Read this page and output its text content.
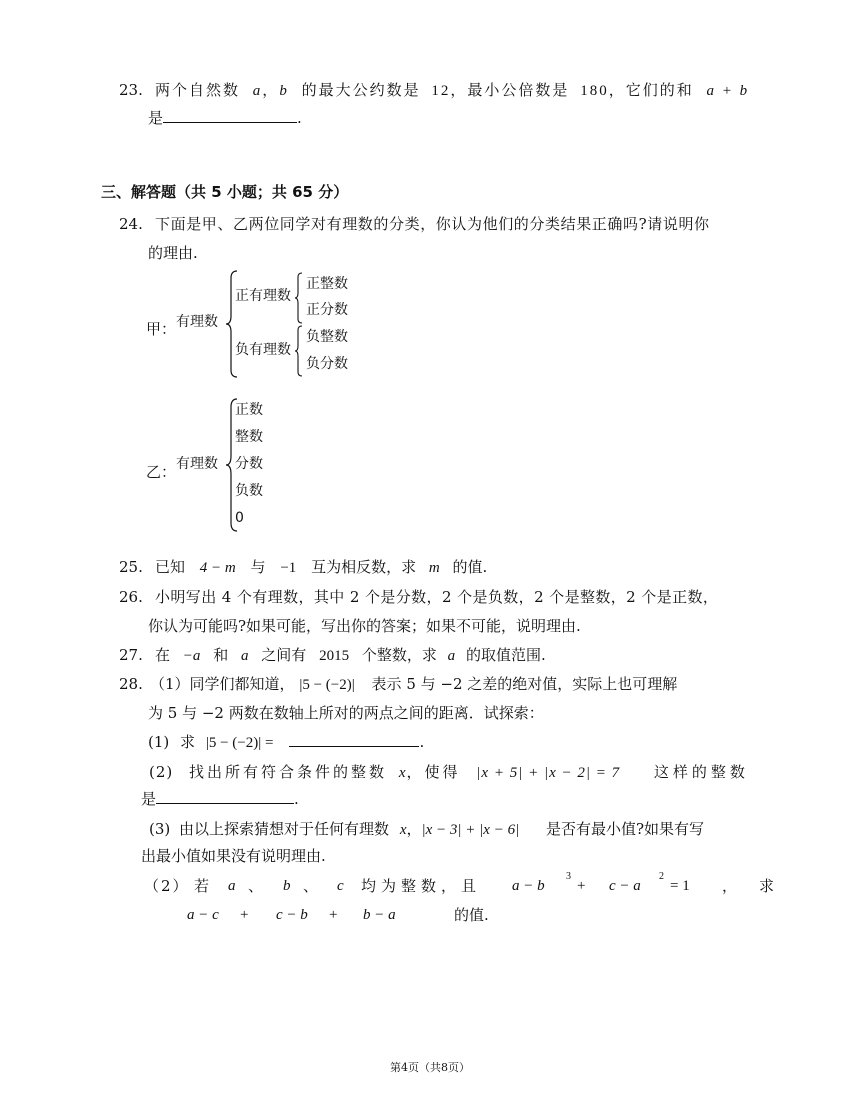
23. 两个自然数 a，b 的最大公约数是 12，最小公倍数是 180，它们的和 a + b
是	.
三、解答题（共 5 小题；共 65 分）
24. 下面是甲、乙两位同学对有理数的分类，你认为他们的分类结果正确吗?请说明你
的理由.
甲： 有理数
正有理数
正整数
正分数
负有理数
负整数
负分数
乙： 有理数
正数
整数
分数
负数
0
25. 已知 4 − m 与 −1 互为相反数，求 m 的值.
26. 小明写出 4 个有理数，其中 2 个是分数，2 个是负数，2 个是整数，2 个是正数，
你认为可能吗?如果可能，写出你的答案；如果不可能，说明理由.
27. 在 −a 和 a 之间有 2015 个整数，求 a 的取值范围.
28. （1）同学们都知道， |5 − (−2)| 表示 5 与 −2 之差的绝对值，实际上也可理解
为 5 与 −2 两数在数轴上所对的两点之间的距离．试探索：
(1) 求 |5 − (−2)| =	.
(2) 找出所有符合条件的整数 x，使得 |x + 5| + |x − 2| = 7 这样的整数
是	.
(3) 由以上探索猜想对于任何有理数 x，|x − 3| + |x − 6| 是否有最小值?如果有写
出最小值如果没有说明理由.
（2） 若 a 、 b 、 c 均为整数，且 a − b
3
+ c − a
2
= 1 ，求
a − c + c − b + b − a	的值.
第4页（共8页）
